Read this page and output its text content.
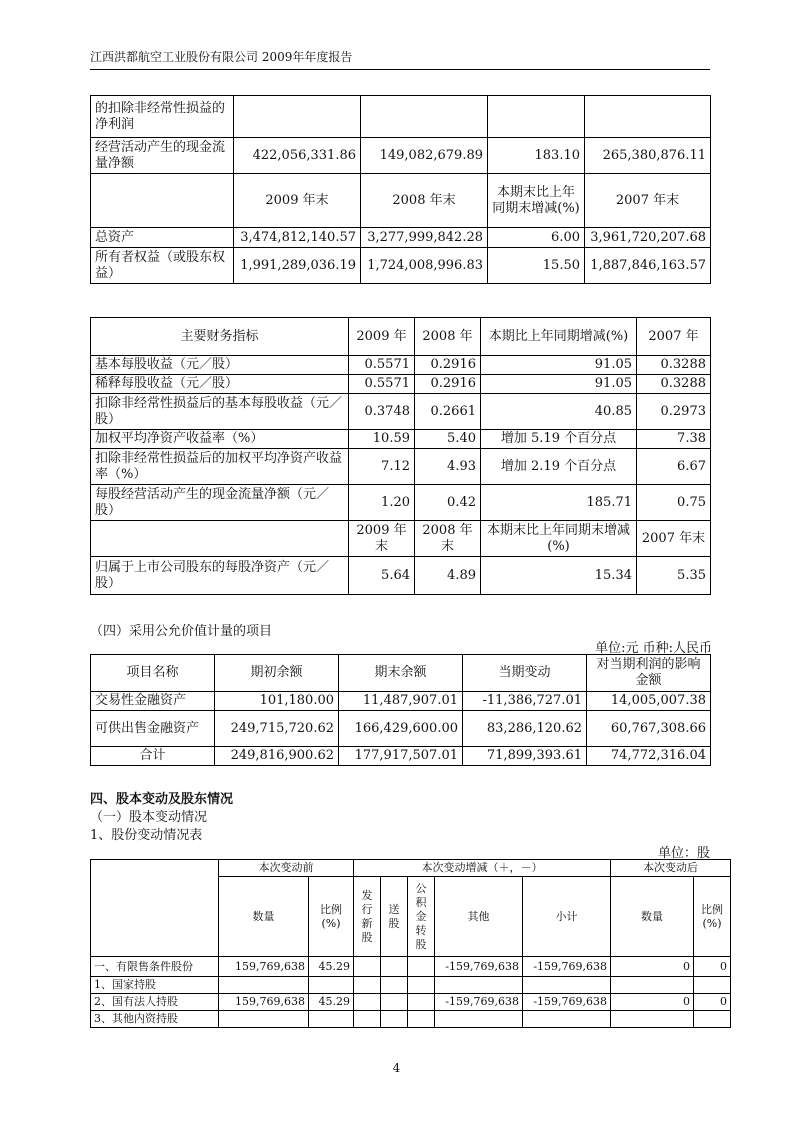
江西洪都航空工业股份有限公司 2009年年度报告
的扣除非经常性损益的净利润				
经营活动产生的现金流量净额	422,056,331.86	149,082,679.89	183.10	265,380,876.11
	2009 年末	2008 年末	本期末比上年同期末增减(%)	2007 年末
总资产	3,474,812,140.57	3,277,999,842.28	6.00	3,961,720,207.68
所有者权益（或股东权益）	1,991,289,036.19	1,724,008,996.83	15.50	1,887,846,163.57
主要财务指标	2009 年	2008 年	本期比上年同期增减(%)	2007 年
基本每股收益（元／股）	0.5571	0.2916	91.05	0.3288
稀释每股收益（元／股）	0.5571	0.2916	91.05	0.3288
扣除非经常性损益后的基本每股收益（元／股）	0.3748	0.2661	40.85	0.2973
加权平均净资产收益率（%）	10.59	5.40	增加 5.19 个百分点	7.38
扣除非经常性损益后的加权平均净资产收益率（%）	7.12	4.93	增加 2.19 个百分点	6.67
每股经营活动产生的现金流量净额（元／股）	1.20	0.42	185.71	0.75
	2009 年末	2008 年末	本期末比上年同期末增减(%)	2007 年末
归属于上市公司股东的每股净资产（元／股）	5.64	4.89	15.34	5.35
（四）采用公允价值计量的项目
单位:元 币种:人民币
项目名称	期初余额	期末余额	当期变动	对当期利润的影响金额
交易性金融资产	101,180.00	11,487,907.01	-11,386,727.01	14,005,007.38
可供出售金融资产	249,715,720.62	166,429,600.00	83,286,120.62	60,767,308.66
合计	249,816,900.62	177,917,507.01	71,899,393.61	74,772,316.04
四、股本变动及股东情况
（一）股本变动情况
1、股份变动情况表
单位：股
	本次变动前		本次变动增减（＋，－）					本次变动后	
	数量	比例(%)	发行新股	送股	公积金转股	其他	小计	数量	比例(%)
一、有限售条件股份	159,769,638	45.29				-159,769,638	-159,769,638	0	0
1、国家持股									
2、国有法人持股	159,769,638	45.29				-159,769,638	-159,769,638	0	0
3、其他内资持股									
4
